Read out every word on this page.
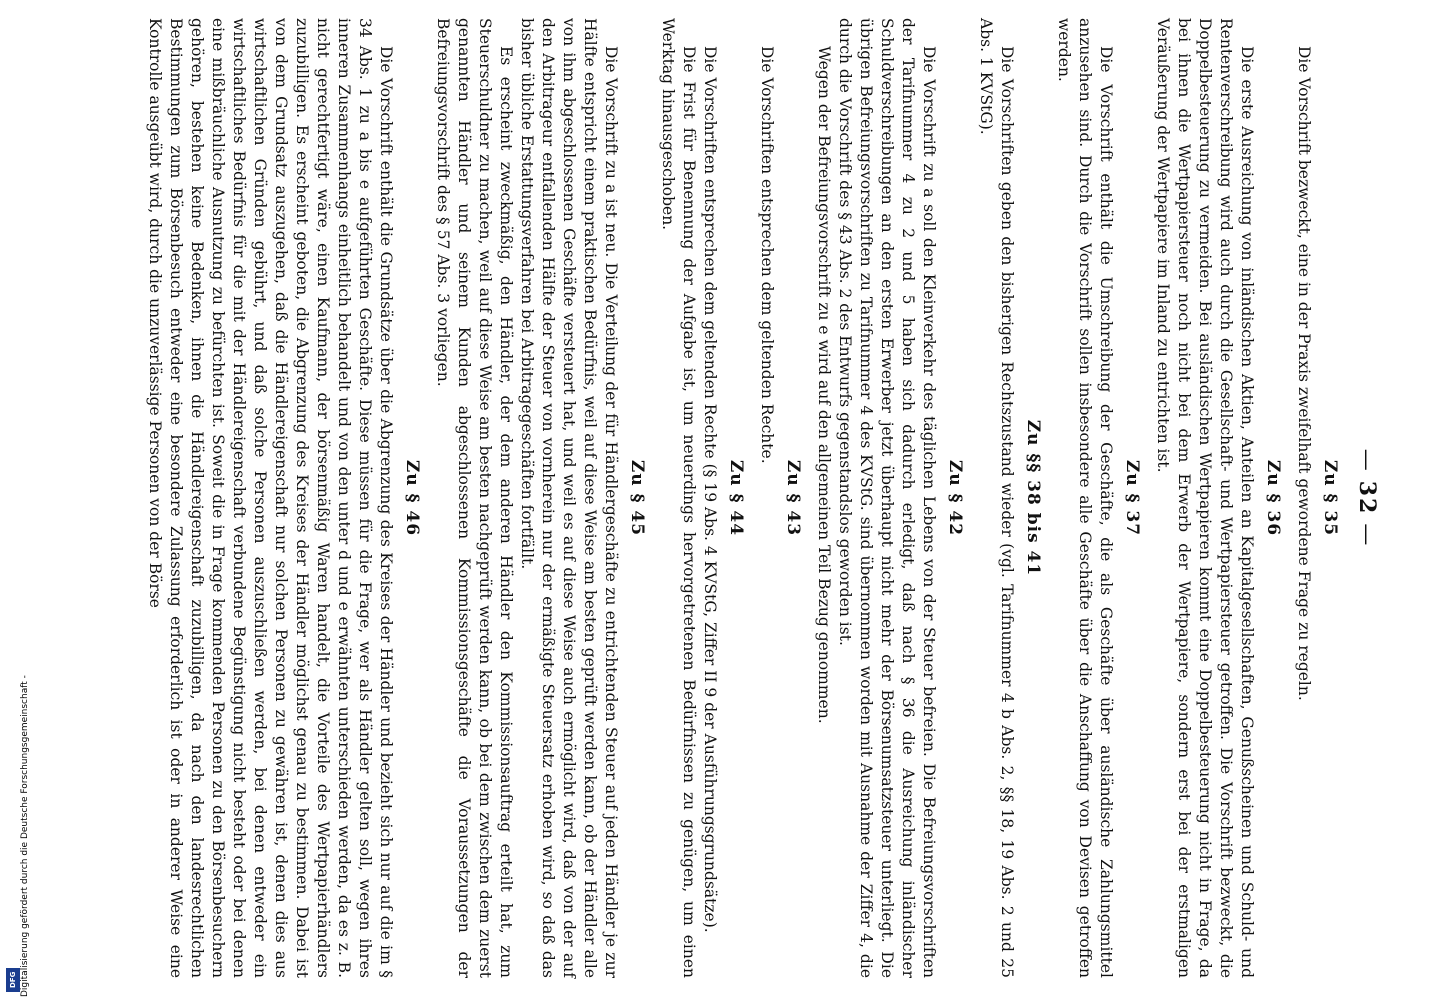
—32—
Zu § 35

Die Vorschrift bezweckt, eine in der Praxis zweifelhaft gewordene Frage zu regeln.

Zu § 36

Die erste Ausreichung von inländischen Aktien, Anteilen an Kapitalgesellschaften, Genußscheinen und Schuld- und Rentenverschreibung wird auch durch die Gesellschaft- und Wertpapiersteuer getroffen. Die Vorschrift bezweckt, die Doppelbesteuerung zu vermeiden. Bei ausländischen Wertpapieren kommt eine Doppelbesteuerung nicht in Frage, da bei ihnen die Wertpapiersteuer noch nicht bei dem Erwerb der Wertpapiere, sondern erst bei der erstmaligen Veräußerung der Wertpapiere im Inland zu entrichten ist.

Zu § 37

Die Vorschrift enthält die Umschreibung der Geschäfte, die als Geschäfte über ausländische Zahlungsmittel anzusehen sind. Durch die Vorschrift sollen insbesondere alle Geschäfte über die Anschaffung von Devisen getroffen werden.

Zu §§ 38 bis 41

Die Vorschriften geben den bisherigen Rechtszustand wieder (vgl. Tarifnummer 4 b Abs. 2, §§ 18, 19 Abs. 2 und 25 Abs. 1 KVStG).

Zu § 42

Die Vorschrift zu a soll den Kleinverkehr des täglichen Lebens von der Steuer befreien. Die Befreiungsvorschriften der Tarifnummer 4 zu 2 und 5 haben sich dadurch erledigt, daß nach § 36 die Ausreichung inländischer Schuldverschreibungen an den ersten Erwerber jetzt überhaupt nicht mehr der Börsenumsatzsteuer unterliegt. Die übrigen Befreiungsvorschriften zu Tarifnummer 4 des KVStG. sind übernommen worden mit Ausnahme der Ziffer 4, die durch die Vorschrift des § 43 Abs. 2 des Entwurfs gegenstandslos geworden ist.

Wegen der Befreiungsvorschrift zu e wird auf den allgemeinen Teil Bezug genommen.

Zu § 43

Die Vorschriften entsprechen dem geltenden Rechte.

Zu § 44

Die Vorschriften entsprechen dem geltenden Rechte (§ 19 Abs. 4 KVStG, Ziffer II 9 der Ausführungsgrundsätze).

Die Frist für Benennung der Aufgabe ist, um neuerdings hervorgetretenen Bedürfnissen zu genügen, um einen Werktag hinausgeschoben.

Zu § 45

Die Vorschrift zu a ist neu. Die Verteilung der für Händlergeschäfte zu entrichtenden Steuer auf jeden Händler je zur Hälfte entspricht einem praktischen Bedürfnis, weil auf diese Weise am besten geprüft werden kann, ob der Händler alle von ihm abgeschlossenen Geschäfte versteuert hat, und weil es auf diese Weise auch ermöglicht wird, daß von der auf den Arbitrageur entfallenden Hälfte der Steuer von vornherein nur der ermäßigte Steuersatz erhoben wird, so daß das bisher übliche Erstattungsverfahren bei Arbitragegeschäften fortfällt.

Es erscheint zweckmäßig, den Händler, der dem anderen Händler den Kommissionsauftrag erteilt hat, zum Steuerschuldner zu machen, weil auf diese Weise am besten nachgeprüft werden kann, ob bei dem zwischen dem zuerst genannten Händler und seinem Kunden abgeschlossenen Kommissionsgeschäfte die Voraussetzungen der Befreiungsvorschrift des § 57 Abs. 3 vorliegen.

Zu § 46

Die Vorschrift enthält die Grundsätze über die Abgrenzung des Kreises der Händler und bezieht sich nur auf die im § 34 Abs. 1 zu a bis e aufgeführten Geschäfte. Diese müssen für die Frage, wer als Händler gelten soll, wegen ihres inneren Zusammenhangs einheitlich behandelt und von den unter d und e erwähnten unterschieden werden, da es z. B. nicht gerechtfertigt wäre, einen Kaufmann, der börsenmäßig Waren handelt, die Vorteile des Wertpapierhändlers zuzubilligen. Es erscheint geboten, die Abgrenzung des Kreises der Händler möglichst genau zu bestimmen. Dabei ist von dem Grundsatz auszugehen, daß die Händlereigenschaft nur solchen Personen zu gewähren ist, denen dies aus wirtschaftlichen Gründen gebührt, und daß solche Personen auszuschließen werden, bei denen entweder ein wirtschaftliches Bedürfnis für die mit der Händlereigenschaft verbundene Begünstigung nicht besteht oder bei denen eine mißbräuchliche Ausnutzung zu befürchten ist. Soweit die in Frage kommenden Personen zu den Börsenbesuchern gehören, bestehen keine Bedenken, ihnen die Händlereigenschaft zuzubilligen, da nach den landesrechtlichen Bestimmungen zum Börsenbesuch entweder eine besondere Zulassung erforderlich ist oder in anderer Weise eine Kontrolle ausgeübt wird, durch die unzuverlässige Personen von der Börse

Digitalisierung gefördert durch die Deutsche Forschungsgemeinschaft -
DFG
